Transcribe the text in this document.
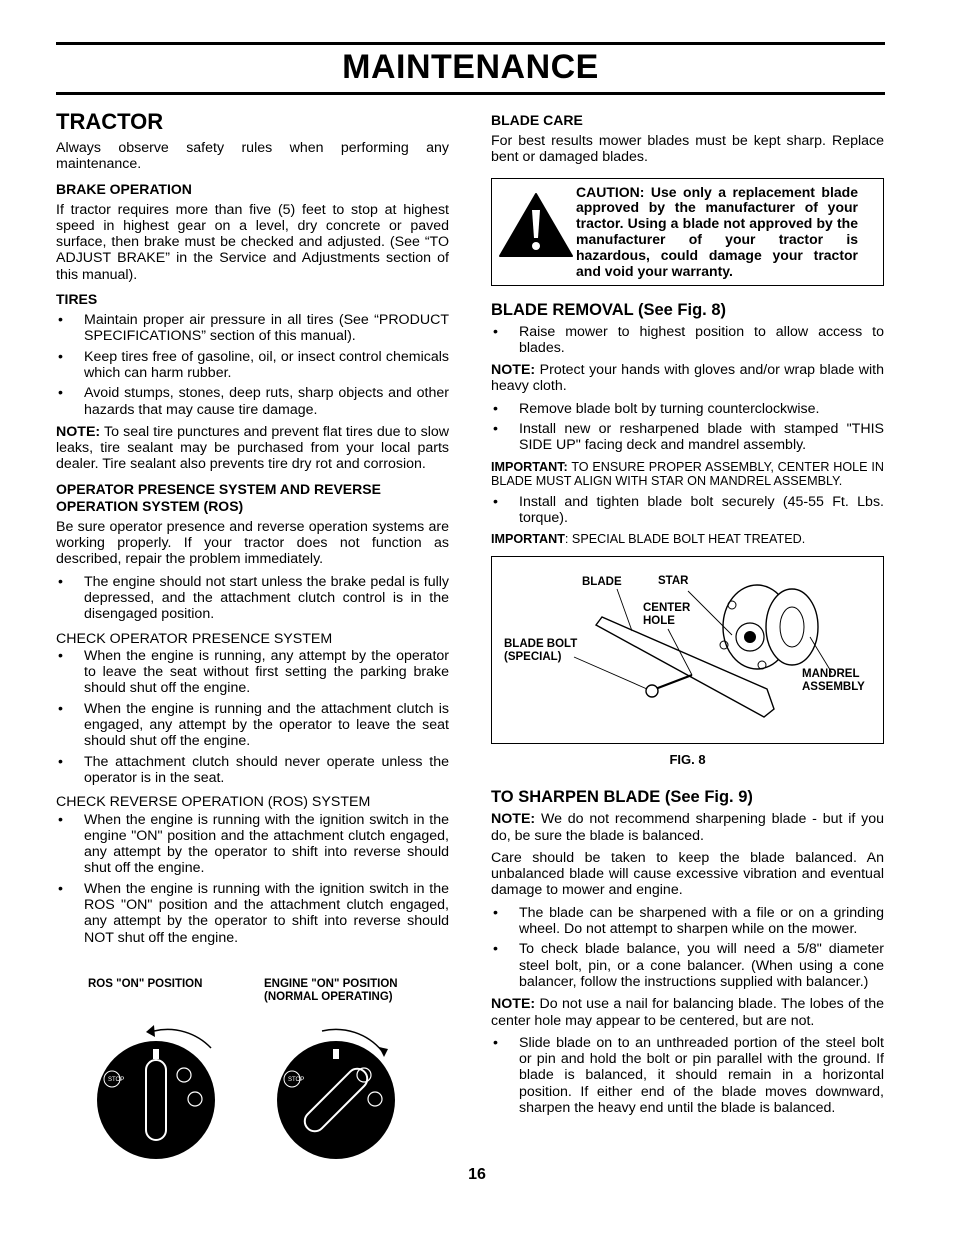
MAINTENANCE
TRACTOR

Always observe safety rules when performing any maintenance.

BRAKE OPERATION

If tractor requires more than five (5) feet to stop at highest speed in highest gear on a level, dry concrete or paved surface, then brake must be checked and adjusted. (See “TO ADJUST BRAKE” in the Service and Adjustments section of this manual).

TIRES
• Maintain proper air pressure in all tires (See “PRODUCT SPECIFICATIONS” section of this manual).
• Keep tires free of gasoline, oil, or insect control chemicals which can harm rubber.
• Avoid stumps, stones, deep ruts, sharp objects and other hazards that may cause tire damage.

NOTE: To seal tire punctures and prevent flat tires due to slow leaks, tire sealant may be purchased from your local parts dealer. Tire sealant also prevents tire dry rot and corrosion.

OPERATOR PRESENCE SYSTEM AND REVERSE OPERATION SYSTEM (ROS)

Be sure operator presence and reverse operation systems are working properly. If your tractor does not function as described, repair the problem immediately.

• The engine should not start unless the brake pedal is fully depressed, and the attachment clutch control is in the disengaged position.
CHECK OPERATOR PRESENCE SYSTEM
• When the engine is running, any attempt by the operator to leave the seat without first setting the parking brake should shut off the engine.
• When the engine is running and the attachment clutch is engaged, any attempt by the operator to leave the seat should shut off the engine.
• The attachment clutch should never operate unless the operator is in the seat.
CHECK REVERSE OPERATION (ROS) SYSTEM
• When the engine is running with the ignition switch in the engine "ON" position and the attachment clutch engaged, any attempt by the operator to shift into reverse should shut off the engine.
• When the engine is running with the ignition switch in the ROS "ON" position and the attachment clutch engaged, any attempt by the operator to shift into reverse should NOT shut off the engine.
ROS "ON" POSITION	ENGINE "ON" POSITION
(NORMAL OPERATING)
STOP	STOP
BLADE CARE

For best results mower blades must be kept sharp. Replace bent or damaged blades.

CAUTION: Use only a replacement blade approved by the manufacturer of your tractor. Using a blade not approved by the manufacturer of your tractor is hazardous, could damage your tractor and void your warranty.
BLADE REMOVAL (See Fig. 8)
• Raise mower to highest position to allow access to blades.

NOTE: Protect your hands with gloves and/or wrap blade with heavy cloth.

• Remove blade bolt by turning counterclockwise.
• Install new or resharpened blade with stamped "THIS SIDE UP" facing deck and mandrel assembly.

IMPORTANT: TO ENSURE PROPER ASSEMBLY, CENTER HOLE IN BLADE MUST ALIGN WITH STAR ON MANDREL ASSEMBLY.

• Install and tighten blade bolt securely (45-55 Ft. Lbs. torque).

IMPORTANT: SPECIAL BLADE BOLT HEAT TREATED.

BLADE	STAR
CENTER
HOLE
BLADE BOLT
(SPECIAL)
MANDREL
ASSEMBLY
FIG. 8
TO SHARPEN BLADE (See Fig. 9)

NOTE: We do not recommend sharpening blade - but if you do, be sure the blade is balanced.

Care should be taken to keep the blade balanced. An unbalanced blade will cause excessive vibration and eventual damage to mower and engine.

• The blade can be sharpened with a file or on a grinding wheel. Do not attempt to sharpen while on the mower.
• To check blade balance, you will need a 5/8" diameter steel bolt, pin, or a cone balancer. (When using a cone balancer, follow the instructions supplied with balancer.)

NOTE: Do not use a nail for balancing blade. The lobes of the center hole may appear to be centered, but are not.

• Slide blade on to an unthreaded portion of the steel bolt or pin and hold the bolt or pin parallel with the ground. If blade is balanced, it should remain in a horizontal position. If either end of the blade moves downward, sharpen the heavy end until the blade is balanced.
16
